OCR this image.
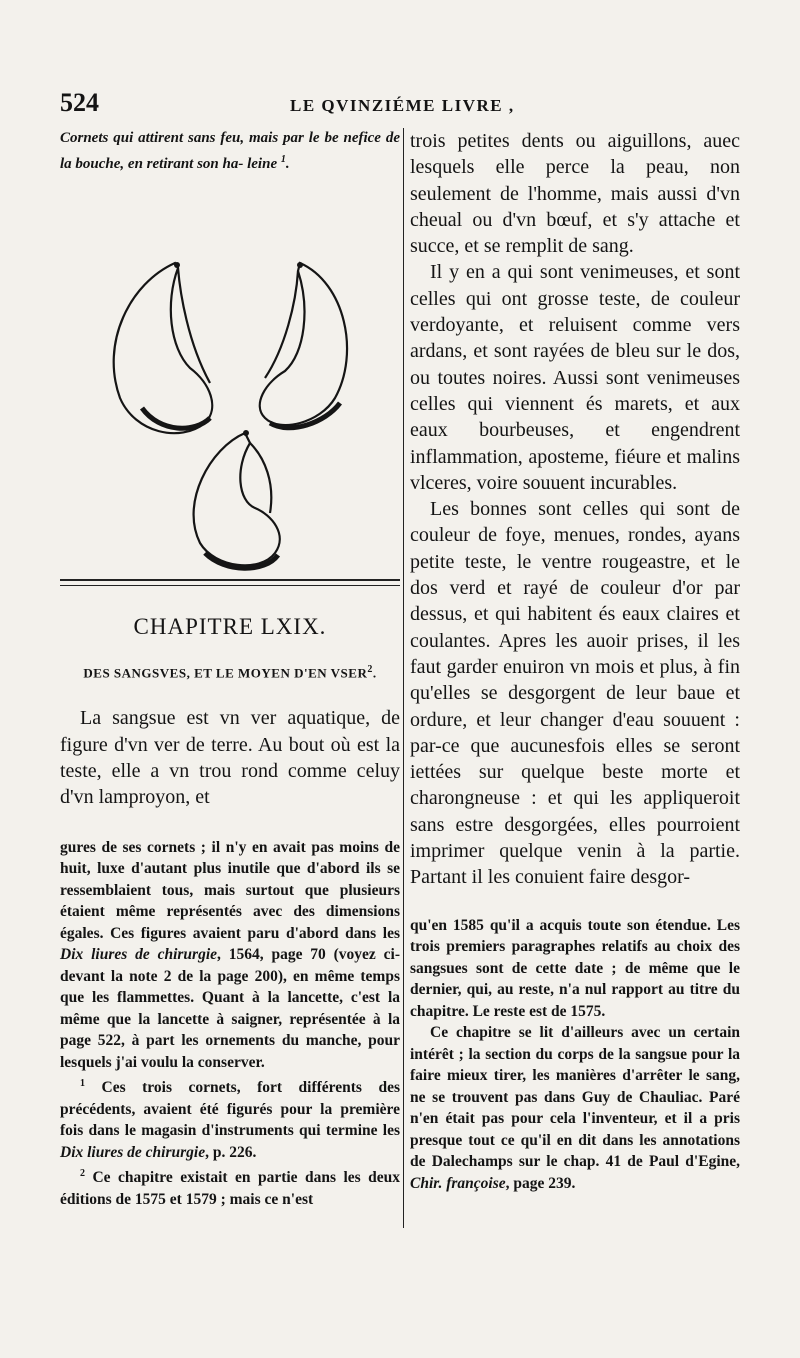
524	LE QVINZIÉME LIVRE ,

Cornets qui attirent sans feu, mais par le be nefice de la bouche, en retirant son ha- leine $^1$.

CHAPITRE LXIX.

DES SANGSVES, ET LE MOYEN D'EN VSER$^2$.

La sangsue est vn ver aquatique, de figure d'vn ver de terre. Au bout où est la teste, elle a vn trou rond comme celuy d'vn lamproyon, et

gures de ses cornets ; il n'y en avait pas moins de huit, luxe d'autant plus inutile que d'abord ils se ressemblaient tous, mais surtout que plusieurs étaient même représentés avec des dimensions égales. Ces figures avaient paru d'abord dans les Dix liures de chirurgie, 1564, page 70 (voyez ci-devant la note 2 de la page 200), en même temps que les flammettes. Quant à la lancette, c'est la même que la lancette à saigner, représentée à la page 522, à part les ornements du manche, pour lesquels j'ai voulu la conserver.

$^1$ Ces trois cornets, fort différents des précédents, avaient été figurés pour la première fois dans le magasin d'instruments qui termine les Dix liures de chirurgie, p. 226.

$^2$ Ce chapitre existait en partie dans les deux éditions de 1575 et 1579 ; mais ce n'est

trois petites dents ou aiguillons, auec lesquels elle perce la peau, non seulement de l'homme, mais aussi d'vn cheual ou d'vn bœuf, et s'y attache et succe, et se remplit de sang.

Il y en a qui sont venimeuses, et sont celles qui ont grosse teste, de couleur verdoyante, et reluisent comme vers ardans, et sont rayées de bleu sur le dos, ou toutes noires. Aussi sont venimeuses celles qui viennent és marets, et aux eaux bourbeuses, et engendrent inflammation, aposteme, fiéure et malins vlceres, voire souuent incurables.

Les bonnes sont celles qui sont de couleur de foye, menues, rondes, ayans petite teste, le ventre rougeastre, et le dos verd et rayé de couleur d'or par dessus, et qui habitent és eaux claires et coulantes. Apres les auoir prises, il les faut garder enuiron vn mois et plus, à fin qu'elles se desgorgent de leur baue et ordure, et leur changer d'eau souuent : par-ce que aucunesfois elles se seront iettées sur quelque beste morte et charongneuse : et qui les appliqueroit sans estre desgorgées, elles pourroient imprimer quelque venin à la partie. Partant il les conuient faire desgor-

qu'en 1585 qu'il a acquis toute son étendue. Les trois premiers paragraphes relatifs au choix des sangsues sont de cette date ; de même que le dernier, qui, au reste, n'a nul rapport au titre du chapitre. Le reste est de 1575.

Ce chapitre se lit d'ailleurs avec un certain intérêt ; la section du corps de la sangsue pour la faire mieux tirer, les manières d'arrêter le sang, ne se trouvent pas dans Guy de Chauliac. Paré n'en était pas pour cela l'inventeur, et il a pris presque tout ce qu'il en dit dans les annotations de Dalechamps sur le chap. 41 de Paul d'Egine, Chir. françoise, page 239.
